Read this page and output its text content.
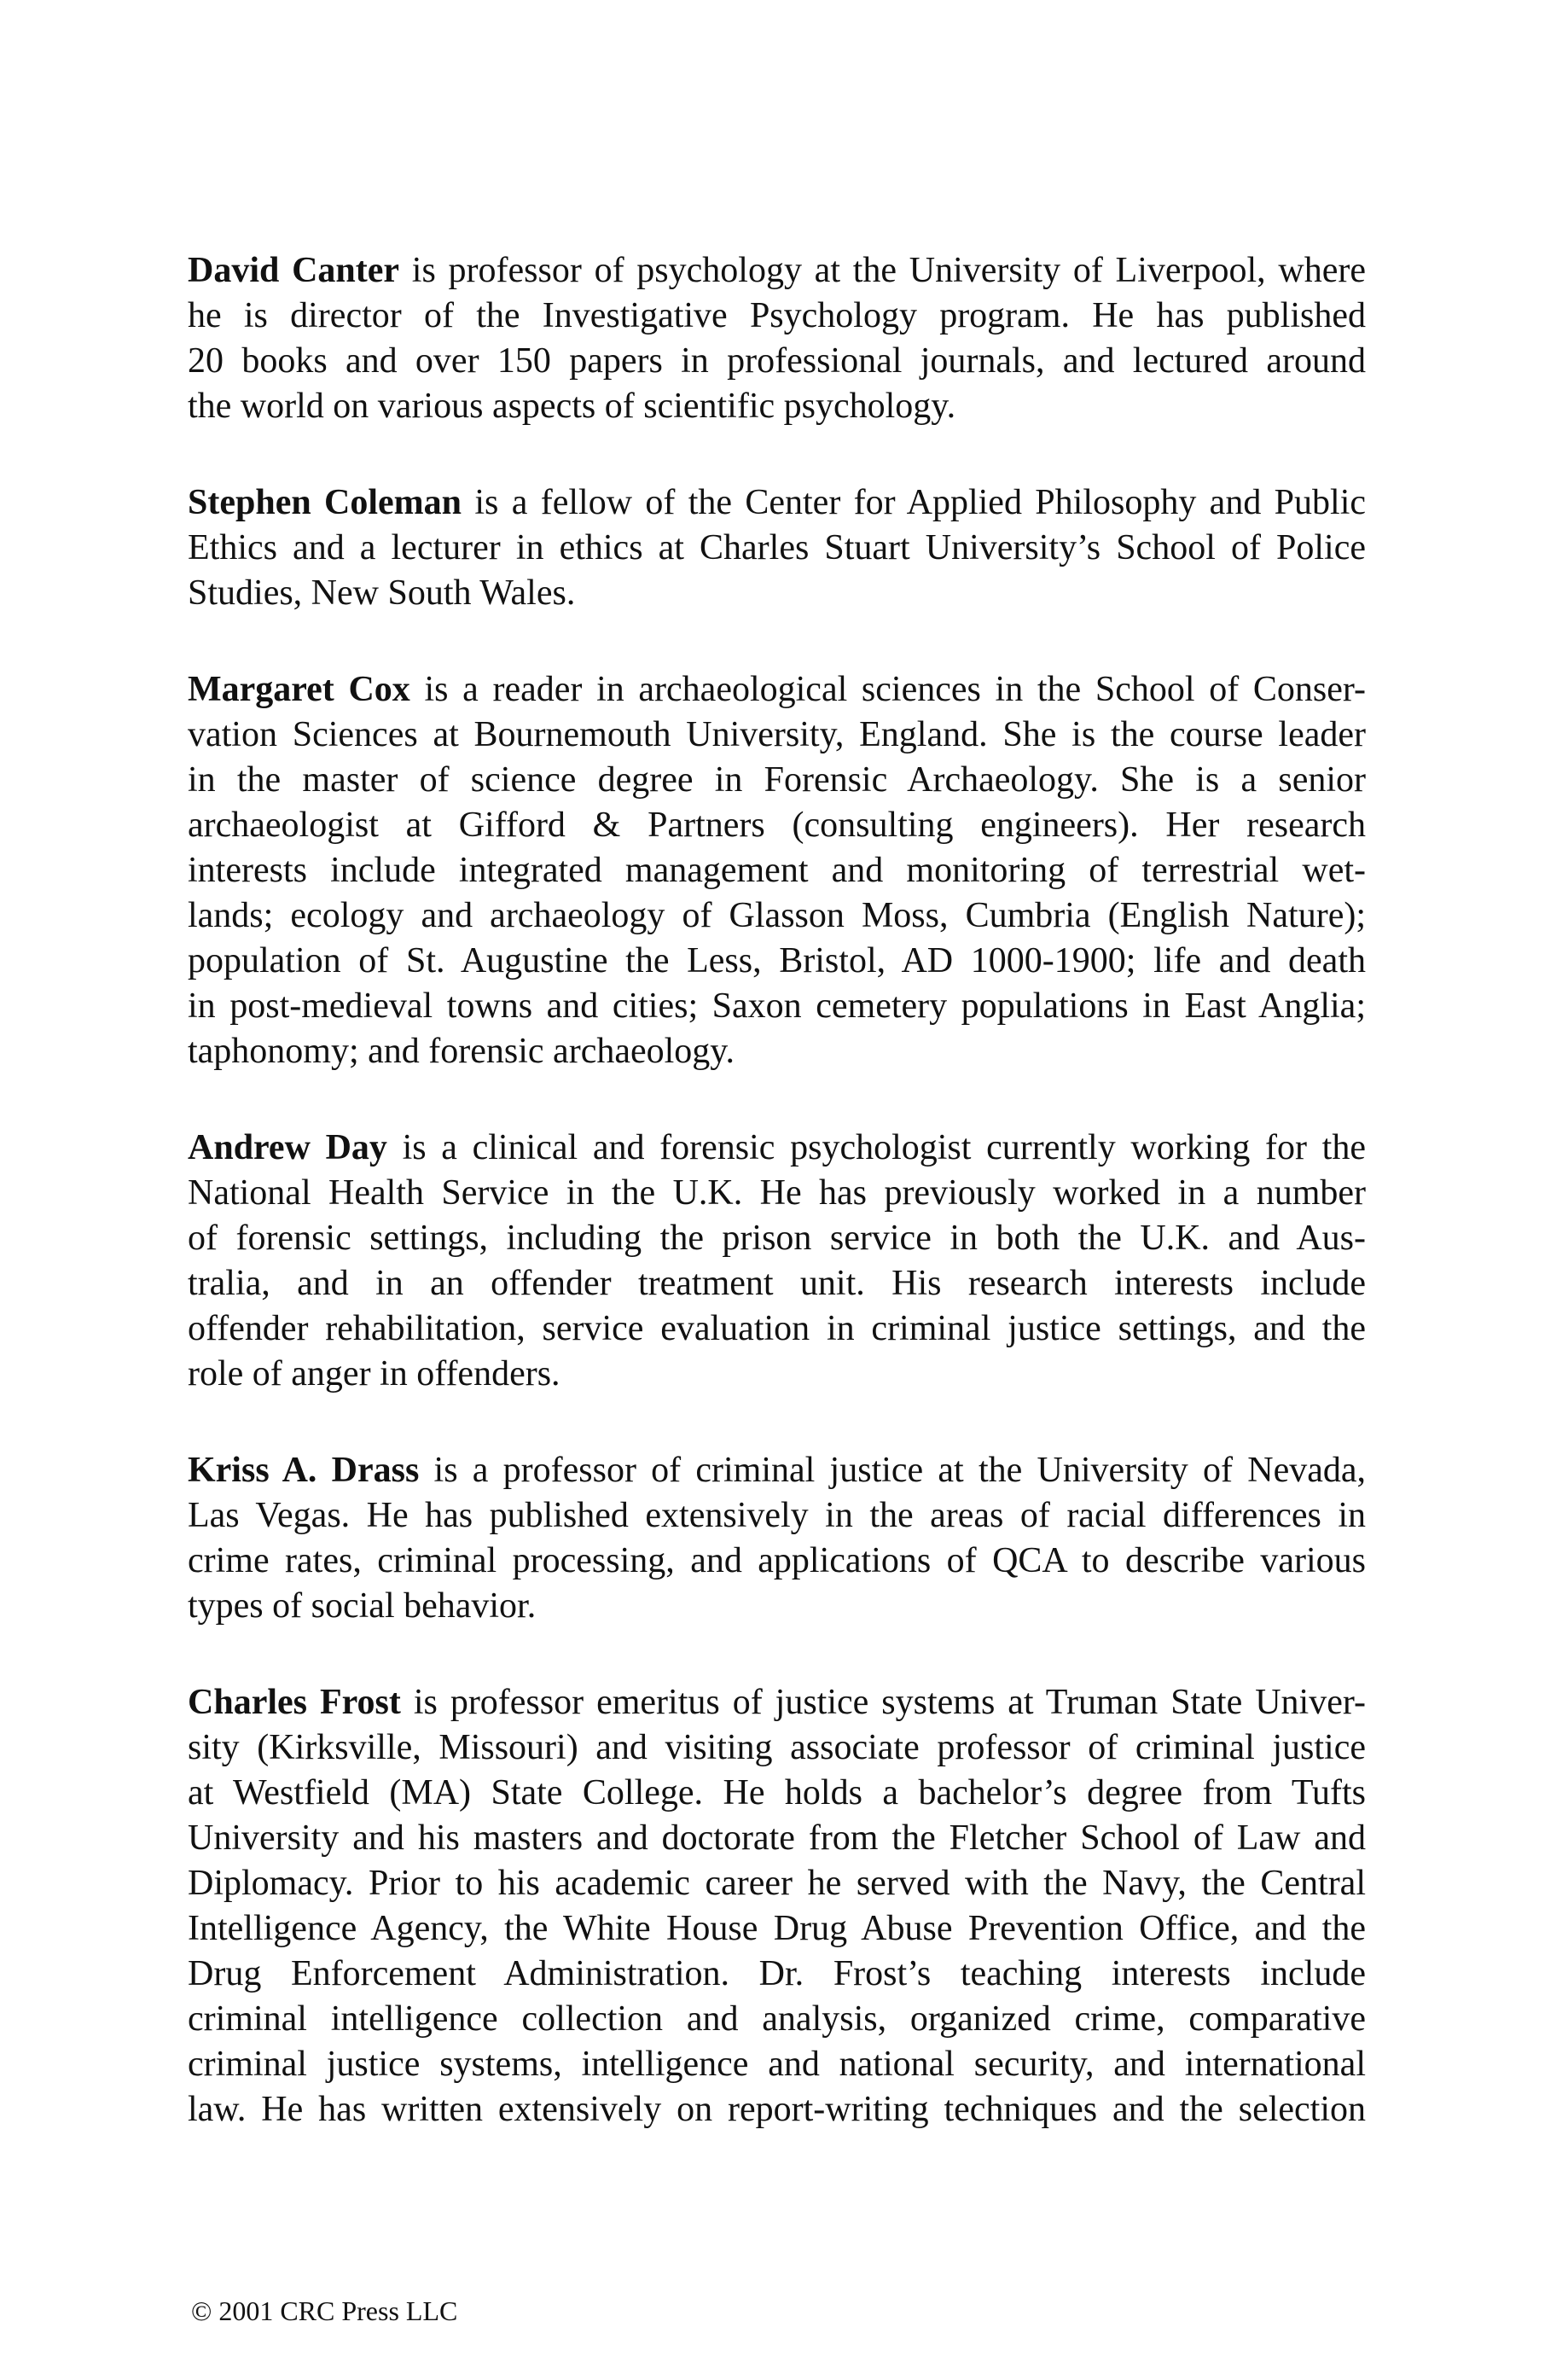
David Canter is professor of psychology at the University of Liverpool, where
he is director of the Investigative Psychology program. He has published
20 books and over 150 papers in professional journals, and lectured around
the world on various aspects of scientific psychology.
Stephen Coleman is a fellow of the Center for Applied Philosophy and Public
Ethics and a lecturer in ethics at Charles Stuart University’s School of Police
Studies, New South Wales.
Margaret Cox is a reader in archaeological sciences in the School of Conser-
vation Sciences at Bournemouth University, England. She is the course leader
in the master of science degree in Forensic Archaeology. She is a senior
archaeologist at Gifford & Partners (consulting engineers). Her research
interests include integrated management and monitoring of terrestrial wet-
lands; ecology and archaeology of Glasson Moss, Cumbria (English Nature);
population of St. Augustine the Less, Bristol, AD 1000-1900; life and death
in post-medieval towns and cities; Saxon cemetery populations in East Anglia;
taphonomy; and forensic archaeology.
Andrew Day is a clinical and forensic psychologist currently working for the
National Health Service in the U.K. He has previously worked in a number
of forensic settings, including the prison service in both the U.K. and Aus-
tralia, and in an offender treatment unit. His research interests include
offender rehabilitation, service evaluation in criminal justice settings, and the
role of anger in offenders.
Kriss A. Drass is a professor of criminal justice at the University of Nevada,
Las Vegas. He has published extensively in the areas of racial differences in
crime rates, criminal processing, and applications of QCA to describe various
types of social behavior.
Charles Frost is professor emeritus of justice systems at Truman State Univer-
sity (Kirksville, Missouri) and visiting associate professor of criminal justice
at Westfield (MA) State College. He holds a bachelor’s degree from Tufts
University and his masters and doctorate from the Fletcher School of Law and
Diplomacy. Prior to his academic career he served with the Navy, the Central
Intelligence Agency, the White House Drug Abuse Prevention Office, and the
Drug Enforcement Administration. Dr. Frost’s teaching interests include
criminal intelligence collection and analysis, organized crime, comparative
criminal justice systems, intelligence and national security, and international
law. He has written extensively on report-writing techniques and the selection
© 2001 CRC Press LLC
